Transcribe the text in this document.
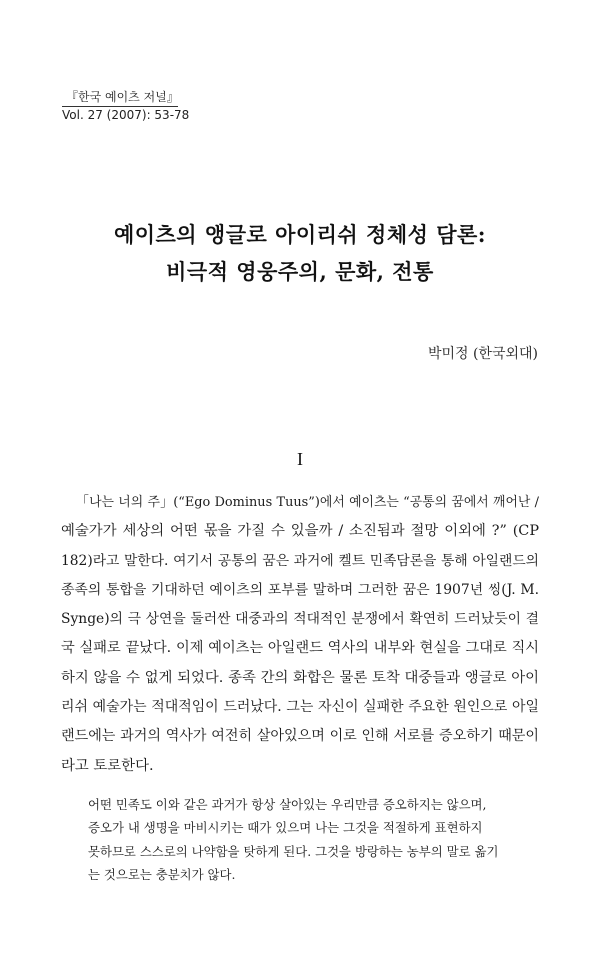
『한국 예이츠 저널』
Vol. 27 (2007): 53-78
예이츠의 앵글로 아이리쉬 정체성 담론:
비극적 영웅주의, 문화, 전통
박미정 (한국외대)
I
「나는 너의 주」(“Ego Dominus Tuus”)에서 예이츠는 “공통의 꿈에서 깨어난 /
예술가가 세상의 어떤 몫을 가질 수 있을까 / 소진됨과 절망 이외에 ?” (CP
182)라고 말한다. 여기서 공통의 꿈은 과거에 켈트 민족담론을 통해 아일랜드의
종족의 통합을 기대하던 예이츠의 포부를 말하며 그러한 꿈은 1907년 씽(J. M.
Synge)의 극 상연을 둘러싼 대중과의 적대적인 분쟁에서 확연히 드러났듯이 결
국 실패로 끝났다. 이제 예이츠는 아일랜드 역사의 내부와 현실을 그대로 직시
하지 않을 수 없게 되었다. 종족 간의 화합은 물론 토착 대중들과 앵글로 아이
리쉬 예술가는 적대적임이 드러났다. 그는 자신이 실패한 주요한 원인으로 아일
랜드에는 과거의 역사가 여전히 살아있으며 이로 인해 서로를 증오하기 때문이
라고 토로한다.
어떤 민족도 이와 같은 과거가 항상 살아있는 우리만큼 증오하지는 않으며,
증오가 내 생명을 마비시키는 때가 있으며 나는 그것을 적절하게 표현하지
못하므로 스스로의 나약함을 탓하게 된다. 그것을 방랑하는 농부의 말로 옮기
는 것으로는 충분치가 않다.
